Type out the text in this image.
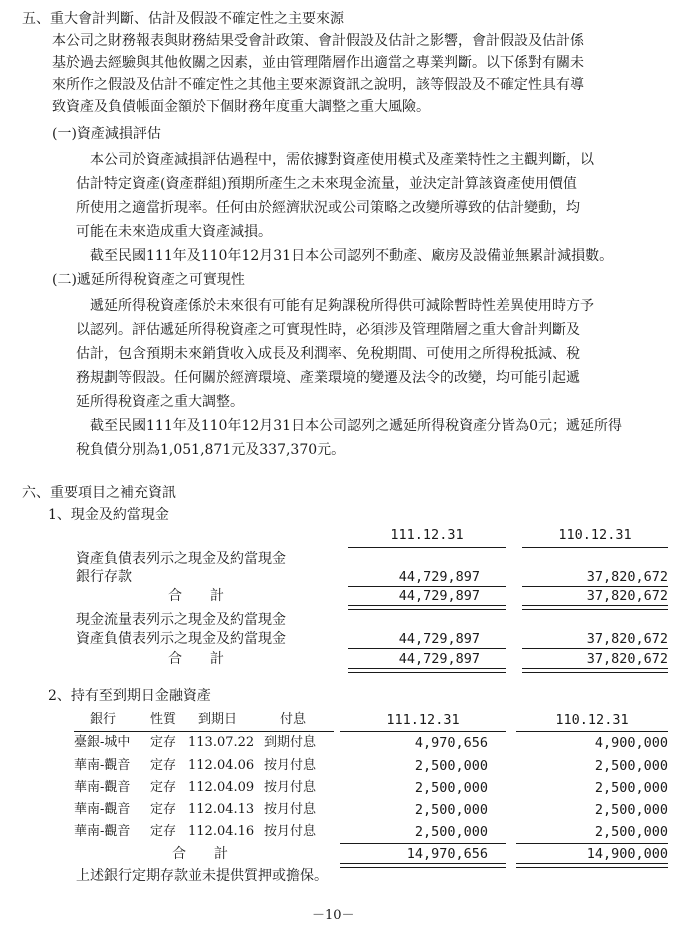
五、重大會計判斷、估計及假設不確定性之主要來源
本公司之財務報表與財務結果受會計政策、會計假設及估計之影響，會計假設及估計係
基於過去經驗與其他攸關之因素，並由管理階層作出適當之專業判斷。以下係對有關未
來所作之假設及估計不確定性之其他主要來源資訊之說明，該等假設及不確定性具有導
致資產及負債帳面金額於下個財務年度重大調整之重大風險。
(一)資產減損評估
本公司於資產減損評估過程中，需依據對資產使用模式及產業特性之主觀判斷，以
估計特定資產(資產群組)預期所產生之未來現金流量，並決定計算該資產使用價值
所使用之適當折現率。任何由於經濟狀況或公司策略之改變所導致的估計變動，均
可能在未來造成重大資產減損。
截至民國111年及110年12月31日本公司認列不動產、廠房及設備並無累計減損數。
(二)遞延所得稅資產之可實現性
遞延所得稅資產係於未來很有可能有足夠課稅所得供可減除暫時性差異使用時方予
以認列。評估遞延所得稅資產之可實現性時，必須涉及管理階層之重大會計判斷及
估計，包含預期未來銷貨收入成長及利潤率、免稅期間、可使用之所得稅抵減、稅
務規劃等假設。任何關於經濟環境、產業環境的變遷及法令的改變，均可能引起遞
延所得稅資產之重大調整。
截至民國111年及110年12月31日本公司認列之遞延所得稅資產分皆為0元；遞延所得
稅負債分別為1,051,871元及337,370元。
六、重要項目之補充資訊
1、現金及約當現金
111.12.31	110.12.31
資產負債表列示之現金及約當現金
銀行存款	44,729,897	37,820,672
合　　計	44,729,897	37,820,672
現金流量表列示之現金及約當現金
資產負債表列示之現金及約當現金	44,729,897	37,820,672
合　　計	44,729,897	37,820,672
2、持有至到期日金融資產
銀行	性質 到期日	付息	111.12.31	110.12.31
臺銀-城中 定存 113.07.22 到期付息	4,970,656	4,900,000
華南-觀音 定存 112.04.06 按月付息	2,500,000	2,500,000
華南-觀音 定存 112.04.09 按月付息	2,500,000	2,500,000
華南-觀音 定存 112.04.13 按月付息	2,500,000	2,500,000
華南-觀音 定存 112.04.16 按月付息	2,500,000	2,500,000
合　　計	14,970,656	14,900,000
上述銀行定期存款並未提供質押或擔保。
－10－
